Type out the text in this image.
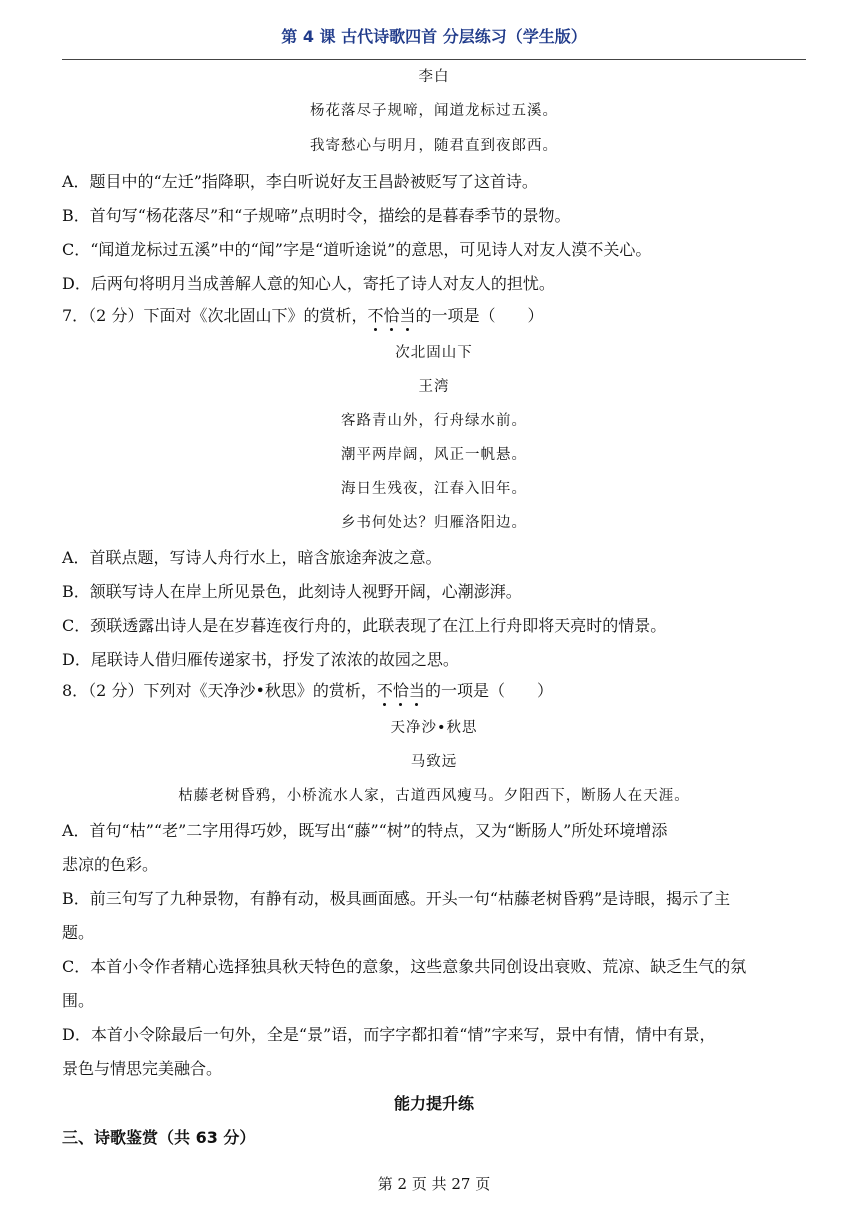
第 4 课 古代诗歌四首 分层练习（学生版）
李白
杨花落尽子规啼，闻道龙标过五溪。
我寄愁心与明月，随君直到夜郎西。
A．题目中的“左迁”指降职，李白听说好友王昌龄被贬写了这首诗。
B．首句写“杨花落尽”和“子规啼”点明时令，描绘的是暮春季节的景物。
C．“闻道龙标过五溪”中的“闻”字是“道听途说”的意思，可见诗人对友人漠不关心。
D．后两句将明月当成善解人意的知心人，寄托了诗人对友人的担忧。
7．（2 分）下面对《次北固山下》的赏析，不恰当的一项是（　　）
次北固山下
王湾
客路青山外，行舟绿水前。
潮平两岸阔，风正一帆悬。
海日生残夜，江春入旧年。
乡书何处达？归雁洛阳边。
A．首联点题，写诗人舟行水上，暗含旅途奔波之意。
B．颔联写诗人在岸上所见景色，此刻诗人视野开阔，心潮澎湃。
C．颈联透露出诗人是在岁暮连夜行舟的，此联表现了在江上行舟即将天亮时的情景。
D．尾联诗人借归雁传递家书，抒发了浓浓的故园之思。
8．（2 分）下列对《天净沙•秋思》的赏析，不恰当的一项是（　　）
天净沙•秋思
马致远
枯藤老树昏鸦，小桥流水人家，古道西风瘦马。夕阳西下，断肠人在天涯。
A．首句“枯”“老”二字用得巧妙，既写出“藤”“树”的特点，又为“断肠人”所处环境增添
悲凉的色彩。
B．前三句写了九种景物，有静有动，极具画面感。开头一句“枯藤老树昏鸦”是诗眼，揭示了主
题。
C．本首小令作者精心选择独具秋天特色的意象，这些意象共同创设出衰败、荒凉、缺乏生气的氛
围。
D．本首小令除最后一句外，全是“景”语，而字字都扣着“情”字来写，景中有情，情中有景，
景色与情思完美融合。
能力提升练
三、诗歌鉴赏（共 63 分）
第 2 页 共 27 页
